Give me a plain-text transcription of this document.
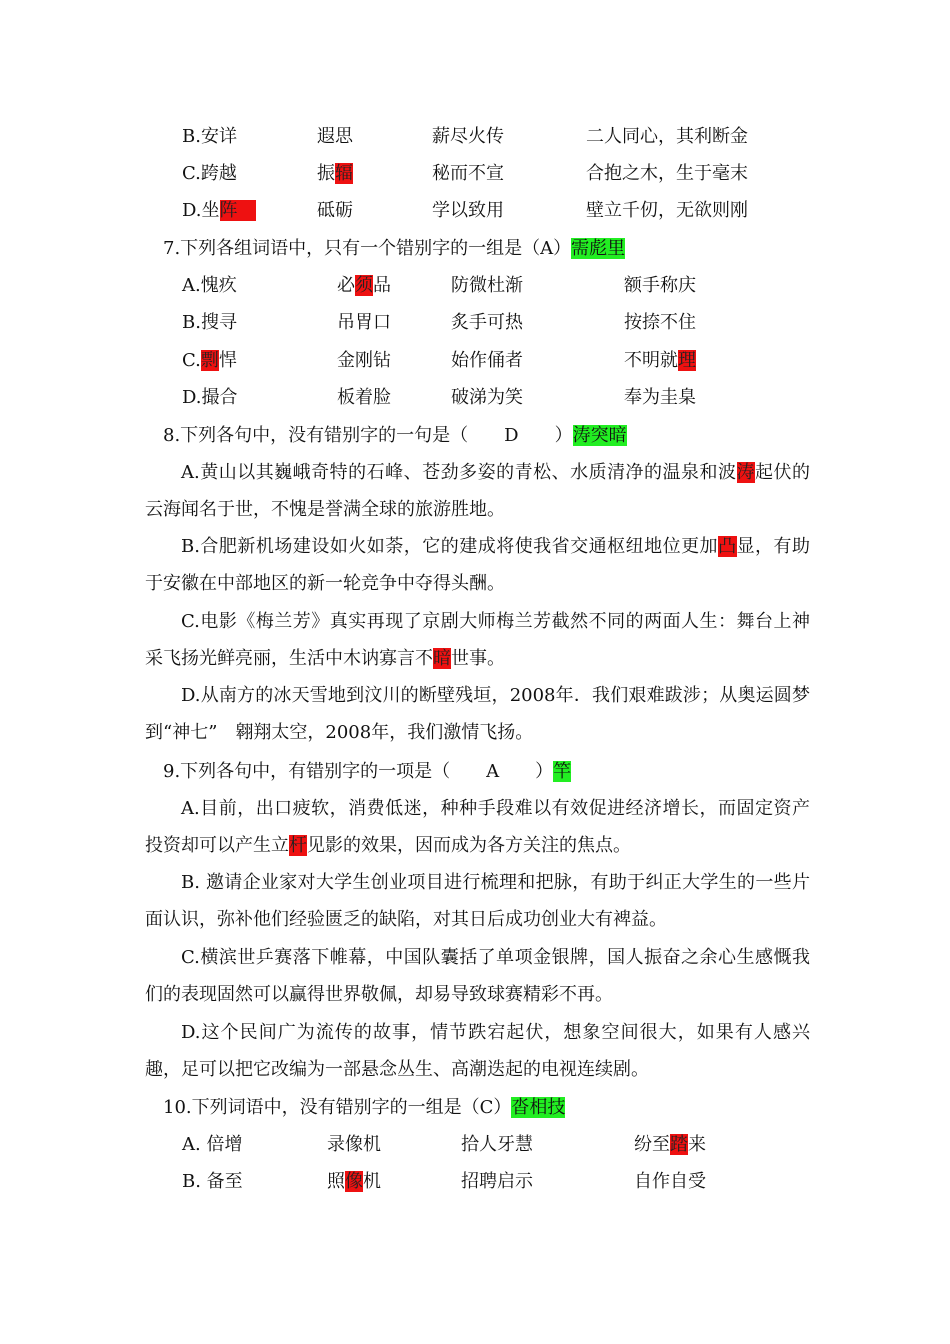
B.安详	遐思	薪尽火传	二人同心，其利断金
C.跨越	振辐	秘而不宣	合抱之木，生于毫末
D.坐阵　	砥砺	学以致用	壁立千仞，无欲则刚
7.下列各组词语中，只有一个错别字的一组是（A）需彪里
A.愧疚	必须品	防微杜渐	额手称庆
B.搜寻	吊胃口	炙手可热	按捺不住
C.剽悍	金刚钻	始作俑者	不明就理
D.撮合	板着脸	破涕为笑	奉为圭臬
8.下列各句中，没有错别字的一句是（　　D　　）涛突暗
A.黄山以其巍峨奇特的石峰、苍劲多姿的青松、水质清净的温泉和波涛起伏的云海闻名于世，不愧是誉满全球的旅游胜地。
B.合肥新机场建设如火如荼，它的建成将使我省交通枢纽地位更加凸显，有助于安徽在中部地区的新一轮竞争中夺得头酬。
C.电影《梅兰芳》真实再现了京剧大师梅兰芳截然不同的两面人生：舞台上神采飞扬光鲜亮丽，生活中木讷寡言不暗世事。
D.从南方的冰天雪地到汶川的断壁残垣，2008年．我们艰难跋涉；从奥运圆梦到“神七”　翱翔太空，2008年，我们激情飞扬。
9.下列各句中，有错别字的一项是（　　A　　）竿
A.目前，出口疲软，消费低迷，种种手段难以有效促进经济增长，而固定资产投资却可以产生立杆见影的效果，因而成为各方关注的焦点。
B. 邀请企业家对大学生创业项目进行梳理和把脉，有助于纠正大学生的一些片面认识，弥补他们经验匮乏的缺陷，对其日后成功创业大有裨益。
C.横滨世乒赛落下帷幕，中国队囊括了单项金银牌，国人振奋之余心生感慨我们的表现固然可以赢得世界敬佩，却易导致球赛精彩不再。
D.这个民间广为流传的故事，情节跌宕起伏，想象空间很大，如果有人感兴趣，足可以把它改编为一部悬念丛生、高潮迭起的电视连续剧。
10.下列词语中，没有错别字的一组是（C）沓相技
A. 倍增	录像机	拾人牙慧	纷至踏来
B. 备至	照像机	招聘启示	自作自受
